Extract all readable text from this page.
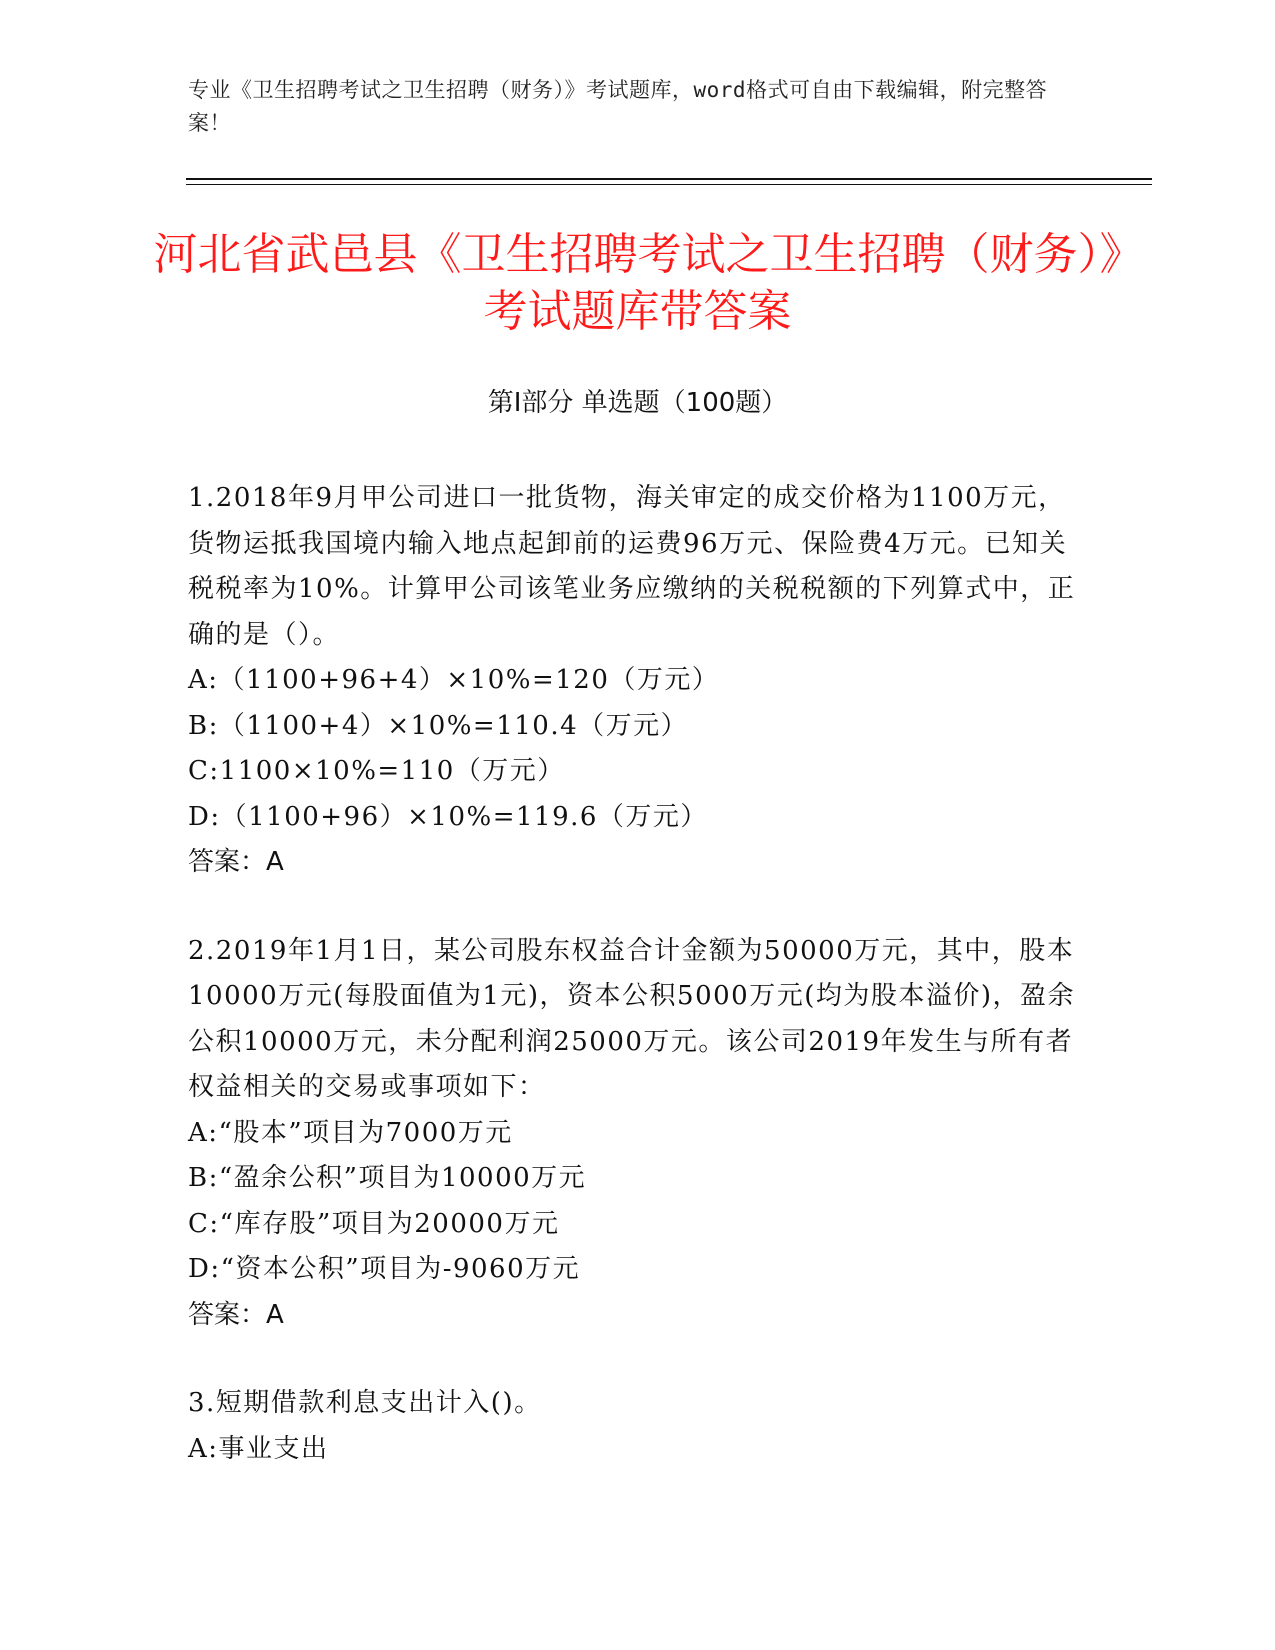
专业《卫生招聘考试之卫生招聘（财务）》考试题库，word格式可自由下载编辑，附完整答案！
河北省武邑县《卫生招聘考试之卫生招聘（财务）》考试题库带答案
第I部分 单选题（100题）

1.2018年9月甲公司进口一批货物，海关审定的成交价格为1100万元，货物运抵我国境内输入地点起卸前的运费96万元、保险费4万元。已知关税税率为10%。计算甲公司该笔业务应缴纳的关税税额的下列算式中，正确的是（）。

A:（1100+96+4）×10%=120（万元）

B:（1100+4）×10%=110.4（万元）

C:1100×10%=110（万元）

D:（1100+96）×10%=119.6（万元）

答案：A

2.2019年1月1日，某公司股东权益合计金额为50000万元，其中，股本10000万元(每股面值为1元)，资本公积5000万元(均为股本溢价)，盈余公积10000万元，未分配利润25000万元。该公司2019年发生与所有者权益相关的交易或事项如下：

A:“股本”项目为7000万元

B:“盈余公积”项目为10000万元

C:“库存股”项目为20000万元

D:“资本公积”项目为-9060万元

答案：A

3.短期借款利息支出计入()。

A:事业支出
